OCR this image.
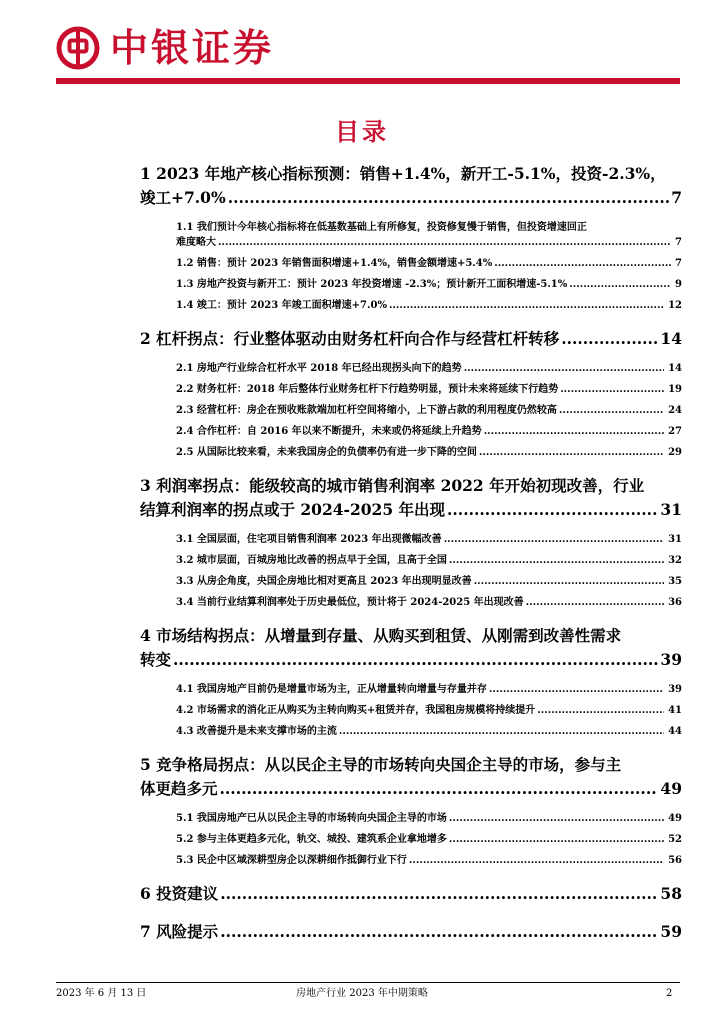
中银证券
目录
1 2023 年地产核心指标预测：销售+1.4%，新开工-5.1%，投资-2.3%，
竣工+7.0% .....	7
1.1 我们预计今年核心指标将在低基数基础上有所修复，投资修复慢于销售，但投资增速回正
难度略大 .....	7
1.2 销售：预计 2023 年销售面积增速+1.4%，销售金额增速+5.4% .....	7
1.3 房地产投资与新开工：预计 2023 年投资增速 -2.3%；预计新开工面积增速-5.1% .....	9
1.4 竣工：预计 2023 年竣工面积增速+7.0% .....	12
2 杠杆拐点：行业整体驱动由财务杠杆向合作与经营杠杆转移 .....	14
2.1 房地产行业综合杠杆水平 2018 年已经出现拐头向下的趋势 .....	14
2.2 财务杠杆：2018 年后整体行业财务杠杆下行趋势明显，预计未来将延续下行趋势 .....	19
2.3 经营杠杆：房企在预收账款端加杠杆空间将缩小，上下游占款的利用程度仍然较高 .....	24
2.4 合作杠杆：自 2016 年以来不断提升，未来或仍将延续上升趋势 .....	27
2.5 从国际比较来看，未来我国房企的负债率仍有进一步下降的空间 .....	29
3 利润率拐点：能级较高的城市销售利润率 2022 年开始初现改善，行业
结算利润率的拐点或于 2024-2025 年出现 .....	31
3.1 全国层面，住宅项目销售利润率 2023 年出现微幅改善 .....	31
3.2 城市层面，百城房地比改善的拐点早于全国，且高于全国 .....	32
3.3 从房企角度，央国企房地比相对更高且 2023 年出现明显改善 .....	35
3.4 当前行业结算利润率处于历史最低位，预计将于 2024-2025 年出现改善 .....	36
4 市场结构拐点：从增量到存量、从购买到租赁、从刚需到改善性需求
转变 .....	39
4.1 我国房地产目前仍是增量市场为主，正从增量转向增量与存量并存 .....	39
4.2 市场需求的消化正从购买为主转向购买+租赁并存，我国租房规模将持续提升 .....	41
4.3 改善提升是未来支撑市场的主流 .....	44
5 竞争格局拐点：从以民企主导的市场转向央国企主导的市场，参与主
体更趋多元 .....	49
5.1 我国房地产已从以民企主导的市场转向央国企主导的市场 .....	49
5.2 参与主体更趋多元化，轨交、城投、建筑系企业拿地增多 .....	52
5.3 民企中区域深耕型房企以深耕细作抵御行业下行 .....	56
6 投资建议 .....	58
7 风险提示 .....	59
2023 年 6 月 13 日	房地产行业 2023 年中期策略	2
